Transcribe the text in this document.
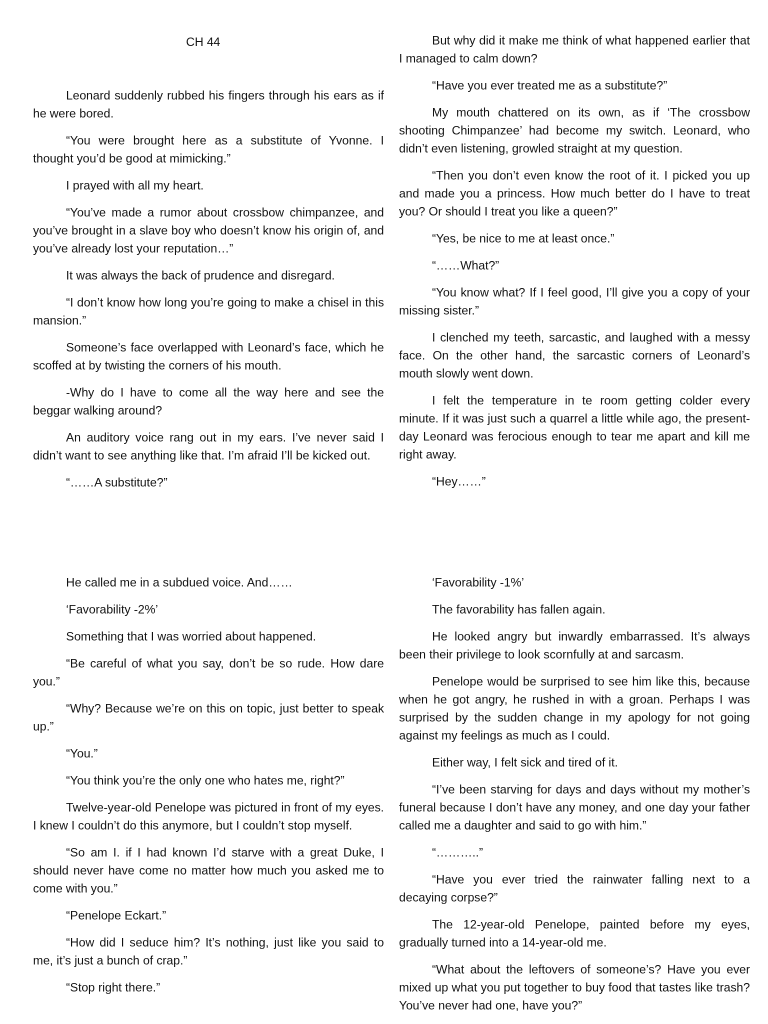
CH 44

Leonard suddenly rubbed his fingers through his ears as if he were bored.

“You were brought here as a substitute of Yvonne. I thought you’d be good at mimicking.”

I prayed with all my heart.

“You’ve made a rumor about crossbow chimpanzee, and you’ve brought in a slave boy who doesn’t know his origin of, and you’ve already lost your reputation…”

It was always the back of prudence and disregard.

“I don’t know how long you’re going to make a chisel in this mansion.”

Someone’s face overlapped with Leonard’s face, which he scoffed at by twisting the corners of his mouth.

-Why do I have to come all the way here and see the beggar walking around?

An auditory voice rang out in my ears. I’ve never said I didn’t want to see anything like that. I’m afraid I’ll be kicked out.

“……A substitute?”

But why did it make me think of what happened earlier that I managed to calm down?

“Have you ever treated me as a substitute?”

My mouth chattered on its own, as if ‘The crossbow shooting Chimpanzee’ had become my switch. Leonard, who didn’t even listening, growled straight at my question.

“Then you don’t even know the root of it. I picked you up and made you a princess. How much better do I have to treat you? Or should I treat you like a queen?”

“Yes, be nice to me at least once.”

“……What?”

“You know what? If I feel good, I’ll give you a copy of your missing sister.”

I clenched my teeth, sarcastic, and laughed with a messy face. On the other hand, the sarcastic corners of Leonard’s mouth slowly went down.

I felt the temperature in te room getting colder every minute. If it was just such a quarrel a little while ago, the present-day Leonard was ferocious enough to tear me apart and kill me right away.

“Hey……”

He called me in a subdued voice. And……

‘Favorability -2%’

Something that I was worried about happened.

“Be careful of what you say, don’t be so rude. How dare you.”

“Why? Because we’re on this on topic, just better to speak up.”

“You.”

“You think you’re the only one who hates me, right?”

Twelve-year-old Penelope was pictured in front of my eyes. I knew I couldn’t do this anymore, but I couldn’t stop myself.

“So am I. if I had known I’d starve with a great Duke, I should never have come no matter how much you asked me to come with you.”

“Penelope Eckart.”

“How did I seduce him? It’s nothing, just like you said to me, it’s just a bunch of crap.”

“Stop right there.”

‘Favorability -1%’

The favorability has fallen again.

He looked angry but inwardly embarrassed. It’s always been their privilege to look scornfully at and sarcasm.

Penelope would be surprised to see him like this, because when he got angry, he rushed in with a groan. Perhaps I was surprised by the sudden change in my apology for not going against my feelings as much as I could.

Either way, I felt sick and tired of it.

“I’ve been starving for days and days without my mother’s funeral because I don’t have any money, and one day your father called me a daughter and said to go with him.”

“………..”

“Have you ever tried the rainwater falling next to a decaying corpse?”

The 12-year-old Penelope, painted before my eyes, gradually turned into a 14-year-old me.

“What about the leftovers of someone’s? Have you ever mixed up what you put together to buy food that tastes like trash? You’ve never had one, have you?”
